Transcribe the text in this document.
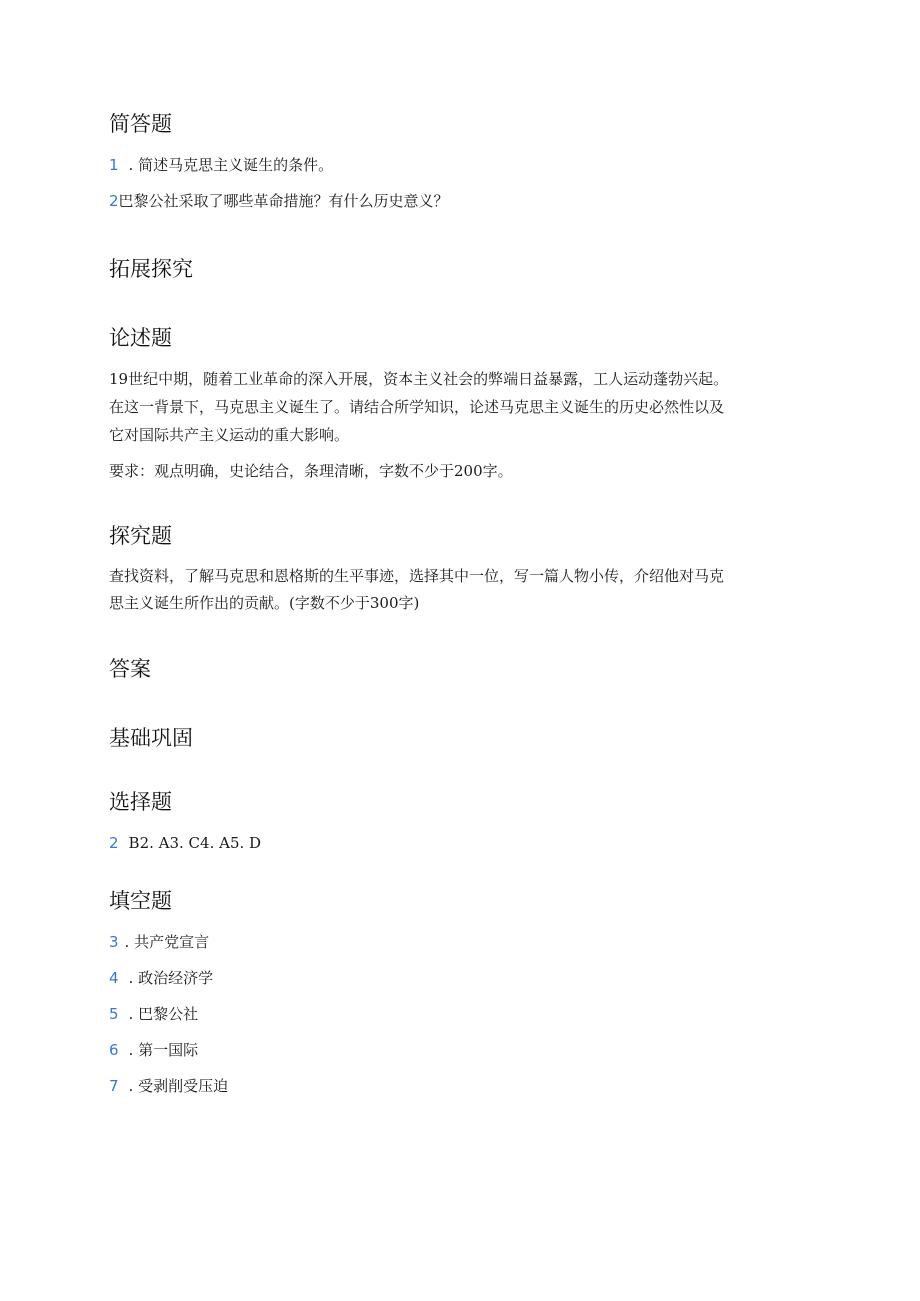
简答题
1 . 简述马克思主义诞生的条件。
2巴黎公社采取了哪些革命措施？有什么历史意义？
拓展探究
论述题
19世纪中期，随着工业革命的深入开展，资本主义社会的弊端日益暴露，工人运动蓬勃兴起。
在这一背景下，马克思主义诞生了。请结合所学知识，论述马克思主义诞生的历史必然性以及
它对国际共产主义运动的重大影响。
要求：观点明确，史论结合，条理清晰，字数不少于200字。
探究题
查找资料，了解马克思和恩格斯的生平事迹，选择其中一位，写一篇人物小传，介绍他对马克
思主义诞生所作出的贡献。(字数不少于300字)
答案
基础巩固
选择题
2 B2. A3. C4. A5. D
填空题
3 . 共产党宣言
4 . 政治经济学
5 . 巴黎公社
6 . 第一国际
7 . 受剥削受压迫
